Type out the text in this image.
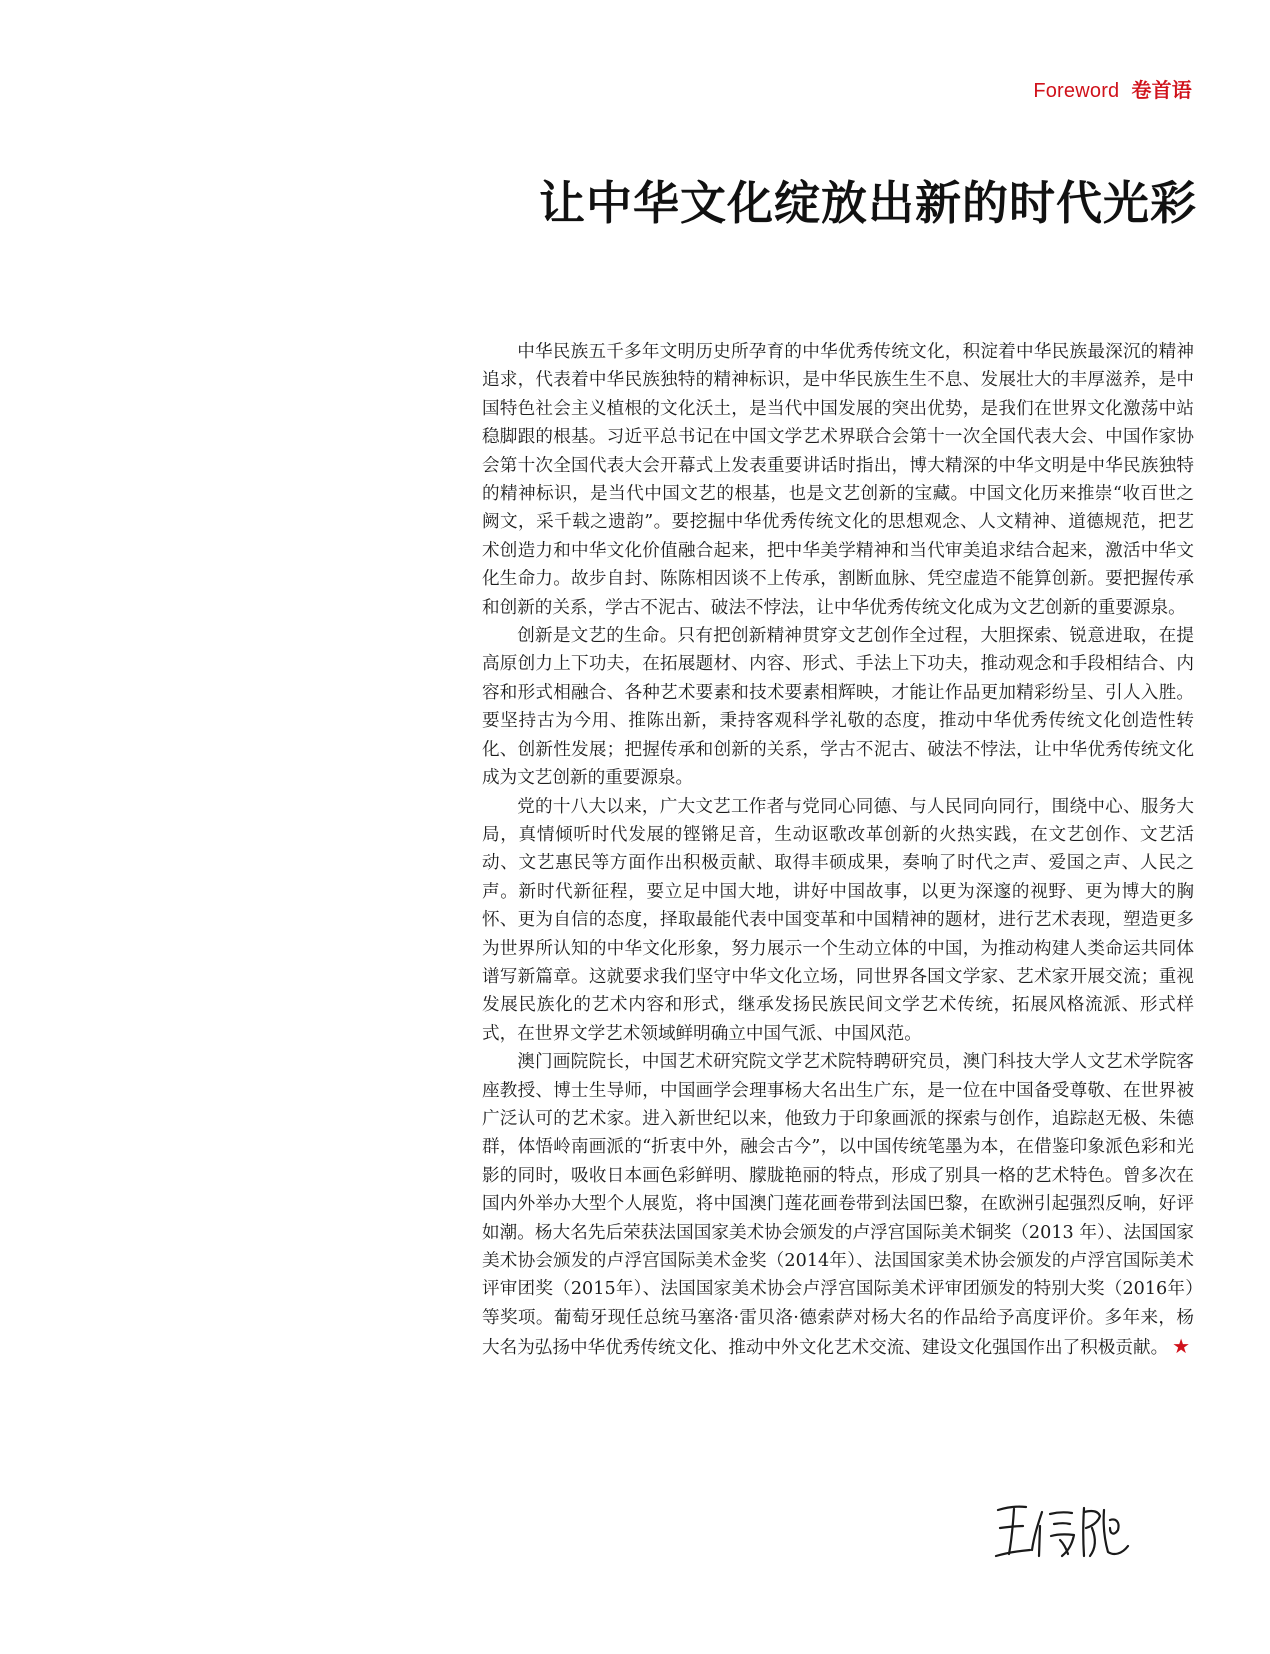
Foreword 卷首语
让中华文化绽放出新的时代光彩

中华民族五千多年文明历史所孕育的中华优秀传统文化，积淀着中华民族最深沉的精神追求，代表着中华民族独特的精神标识，是中华民族生生不息、发展壮大的丰厚滋养，是中国特色社会主义植根的文化沃土，是当代中国发展的突出优势，是我们在世界文化激荡中站稳脚跟的根基。习近平总书记在中国文学艺术界联合会第十一次全国代表大会、中国作家协会第十次全国代表大会开幕式上发表重要讲话时指出，博大精深的中华文明是中华民族独特的精神标识，是当代中国文艺的根基，也是文艺创新的宝藏。中国文化历来推崇“收百世之阙文，采千载之遗韵”。要挖掘中华优秀传统文化的思想观念、人文精神、道德规范，把艺术创造力和中华文化价值融合起来，把中华美学精神和当代审美追求结合起来，激活中华文化生命力。故步自封、陈陈相因谈不上传承，割断血脉、凭空虚造不能算创新。要把握传承和创新的关系，学古不泥古、破法不悖法，让中华优秀传统文化成为文艺创新的重要源泉。

创新是文艺的生命。只有把创新精神贯穿文艺创作全过程，大胆探索、锐意进取，在提高原创力上下功夫，在拓展题材、内容、形式、手法上下功夫，推动观念和手段相结合、内容和形式相融合、各种艺术要素和技术要素相辉映，才能让作品更加精彩纷呈、引人入胜。要坚持古为今用、推陈出新，秉持客观科学礼敬的态度，推动中华优秀传统文化创造性转化、创新性发展；把握传承和创新的关系，学古不泥古、破法不悖法，让中华优秀传统文化成为文艺创新的重要源泉。

党的十八大以来，广大文艺工作者与党同心同德、与人民同向同行，围绕中心、服务大局，真情倾听时代发展的铿锵足音，生动讴歌改革创新的火热实践，在文艺创作、文艺活动、文艺惠民等方面作出积极贡献、取得丰硕成果，奏响了时代之声、爱国之声、人民之声。新时代新征程，要立足中国大地，讲好中国故事，以更为深邃的视野、更为博大的胸怀、更为自信的态度，择取最能代表中国变革和中国精神的题材，进行艺术表现，塑造更多为世界所认知的中华文化形象，努力展示一个生动立体的中国，为推动构建人类命运共同体谱写新篇章。这就要求我们坚守中华文化立场，同世界各国文学家、艺术家开展交流；重视发展民族化的艺术内容和形式，继承发扬民族民间文学艺术传统，拓展风格流派、形式样式，在世界文学艺术领域鲜明确立中国气派、中国风范。

澳门画院院长，中国艺术研究院文学艺术院特聘研究员，澳门科技大学人文艺术学院客座教授、博士生导师，中国画学会理事杨大名出生广东，是一位在中国备受尊敬、在世界被广泛认可的艺术家。进入新世纪以来，他致力于印象画派的探索与创作，追踪赵无极、朱德群，体悟岭南画派的“折衷中外，融会古今”，以中国传统笔墨为本，在借鉴印象派色彩和光影的同时，吸收日本画色彩鲜明、朦胧艳丽的特点，形成了别具一格的艺术特色。曾多次在国内外举办大型个人展览，将中国澳门莲花画卷带到法国巴黎，在欧洲引起强烈反响，好评如潮。杨大名先后荣获法国国家美术协会颁发的卢浮宫国际美术铜奖（2013 年）、法国国家美术协会颁发的卢浮宫国际美术金奖（2014年）、法国国家美术协会颁发的卢浮宫国际美术评审团奖（2015年）、法国国家美术协会卢浮宫国际美术评审团颁发的特别大奖（2016年）等奖项。葡萄牙现任总统马塞洛·雷贝洛·德索萨对杨大名的作品给予高度评价。多年来，杨大名为弘扬中华优秀传统文化、推动中外文化艺术交流、建设文化强国作出了积极贡献。 ★
